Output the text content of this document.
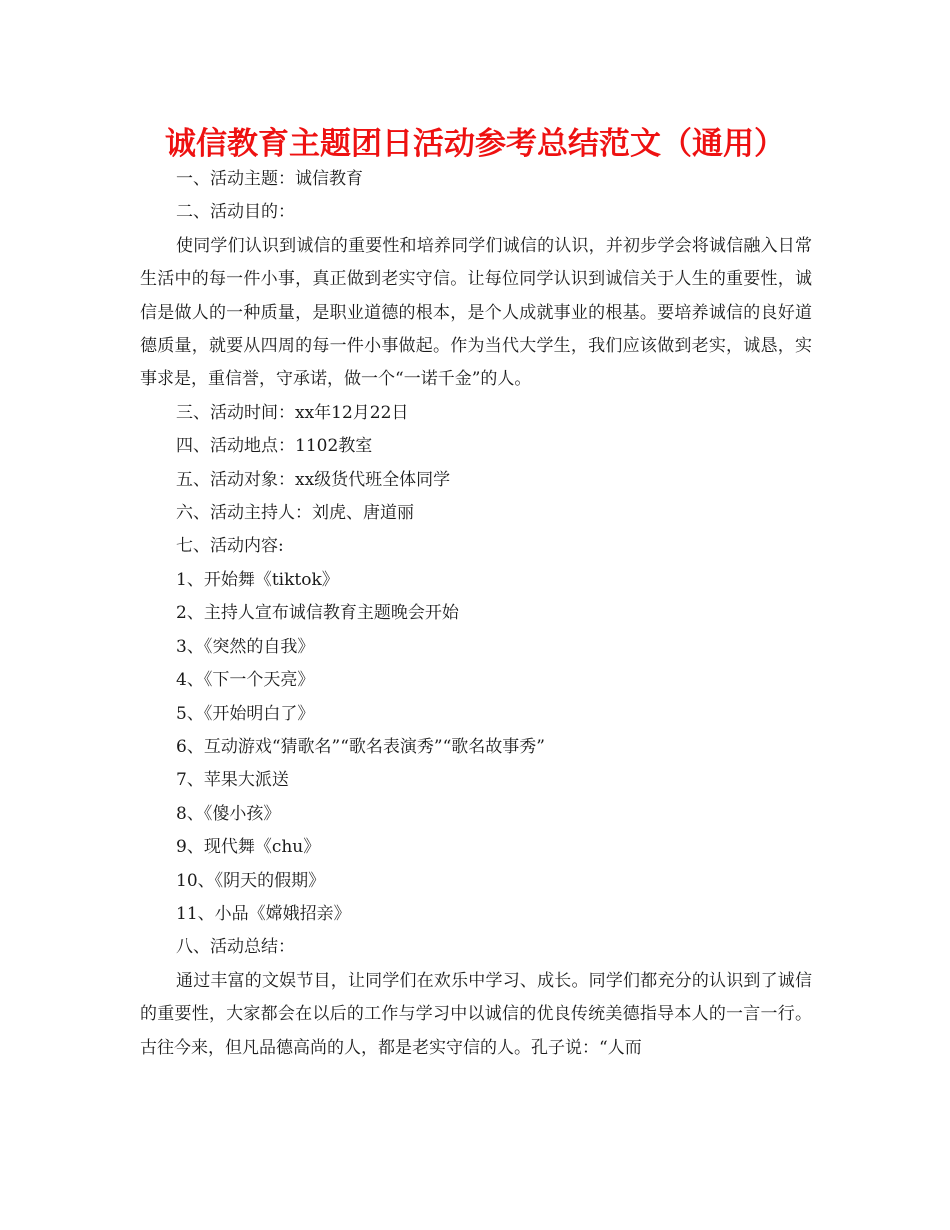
诚信教育主题团日活动参考总结范文（通用）
一、活动主题：诚信教育
二、活动目的：
使同学们认识到诚信的重要性和培养同学们诚信的认识，并初步学会将诚信融入日常生活中的每一件小事，真正做到老实守信。让每位同学认识到诚信关于人生的重要性，诚信是做人的一种质量，是职业道德的根本，是个人成就事业的根基。要培养诚信的良好道德质量，就要从四周的每一件小事做起。作为当代大学生，我们应该做到老实，诚恳，实事求是，重信誉，守承诺，做一个“一诺千金”的人。
三、活动时间：xx年12月22日
四、活动地点：1102教室
五、活动对象：xx级货代班全体同学
六、活动主持人：刘虎、唐道丽
七、活动内容:
1、开始舞《tiktok》
2、主持人宣布诚信教育主题晚会开始
3、《突然的自我》
4、《下一个天亮》
5、《开始明白了》
6、互动游戏“猜歌名”“歌名表演秀”“歌名故事秀”
7、苹果大派送
8、《傻小孩》
9、现代舞《chu》
10、《阴天的假期》
11、小品《嫦娥招亲》
八、活动总结：
通过丰富的文娱节目，让同学们在欢乐中学习、成长。同学们都充分的认识到了诚信的重要性，大家都会在以后的工作与学习中以诚信的优良传统美德指导本人的一言一行。古往今来，但凡品德高尚的人，都是老实守信的人。孔子说：“人而
